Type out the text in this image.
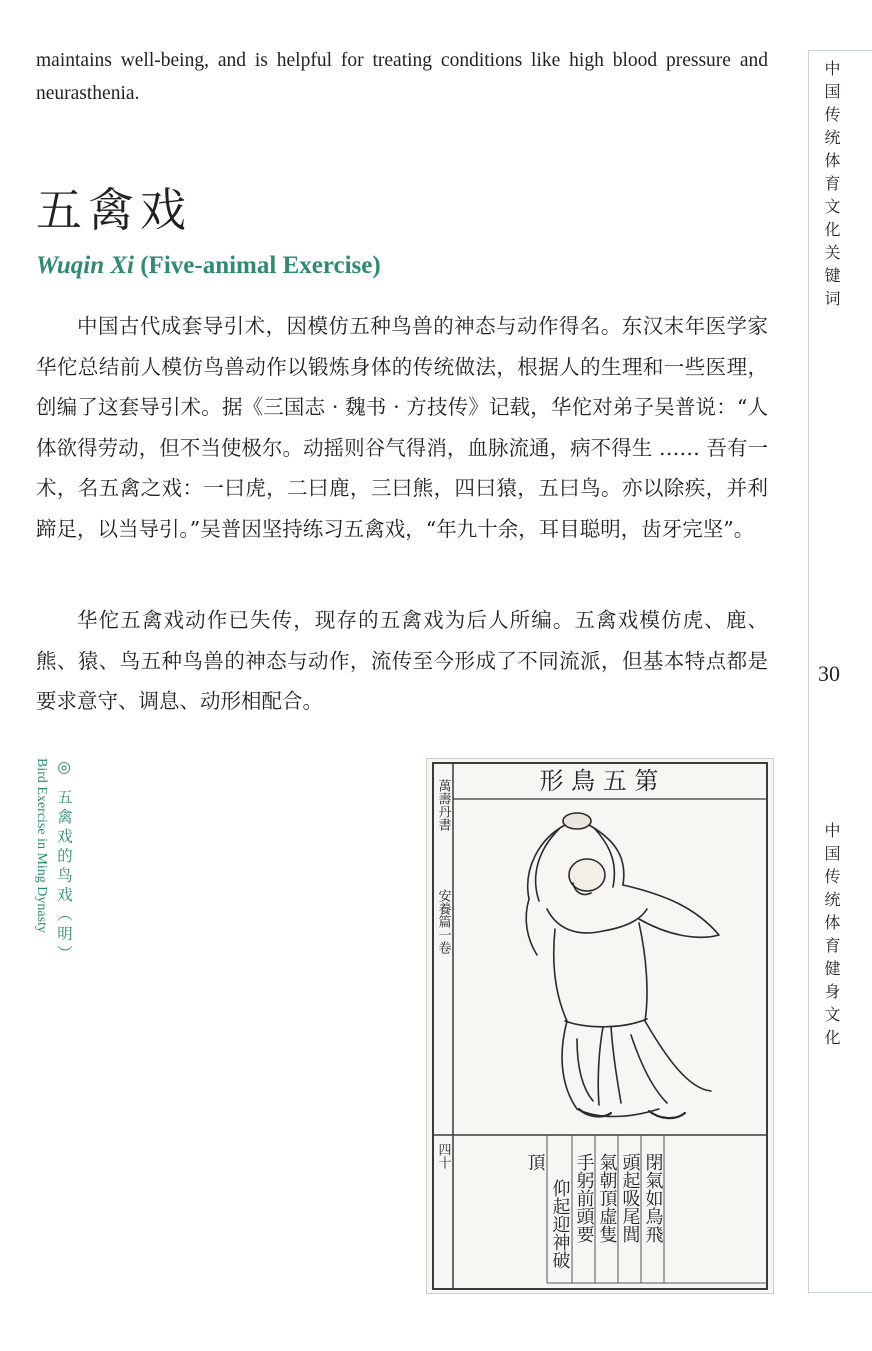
maintains well-being, and is helpful for treating conditions like high blood pressure and neurasthenia.

五禽戏
Wuqin Xi (Five-animal Exercise)

中国古代成套导引术，因模仿五种鸟兽的神态与动作得名。东汉末年医学家华佗总结前人模仿鸟兽动作以锻炼身体的传统做法，根据人的生理和一些医理，创编了这套导引术。据《三国志 · 魏书 · 方技传》记载，华佗对弟子吴普说：“人体欲得劳动，但不当使极尔。动摇则谷气得消，血脉流通，病不得生 …… 吾有一术，名五禽之戏：一曰虎，二曰鹿，三曰熊，四曰猿，五曰鸟。亦以除疾，并利蹄足，以当导引。”吴普因坚持练习五禽戏，“年九十余，耳目聪明，齿牙完坚”。

华佗五禽戏动作已失传，现存的五禽戏为后人所编。五禽戏模仿虎、鹿、熊、猿、鸟五种鸟兽的神态与动作，流传至今形成了不同流派，但基本特点都是要求意守、调息、动形相配合。

◎ 五禽戏的鸟戏（明）
Bird Exercise in Ming Dynasty	形 鳥 五 第
萬壽丹書
安養篇一卷
四十	閉氣如鳥飛
頭起吸尾閭
氣朝頂虛隻
手躬前頭要
仰起迎神破
頂
中国传统体育文化关键词
30
中国传统体育健身文化
